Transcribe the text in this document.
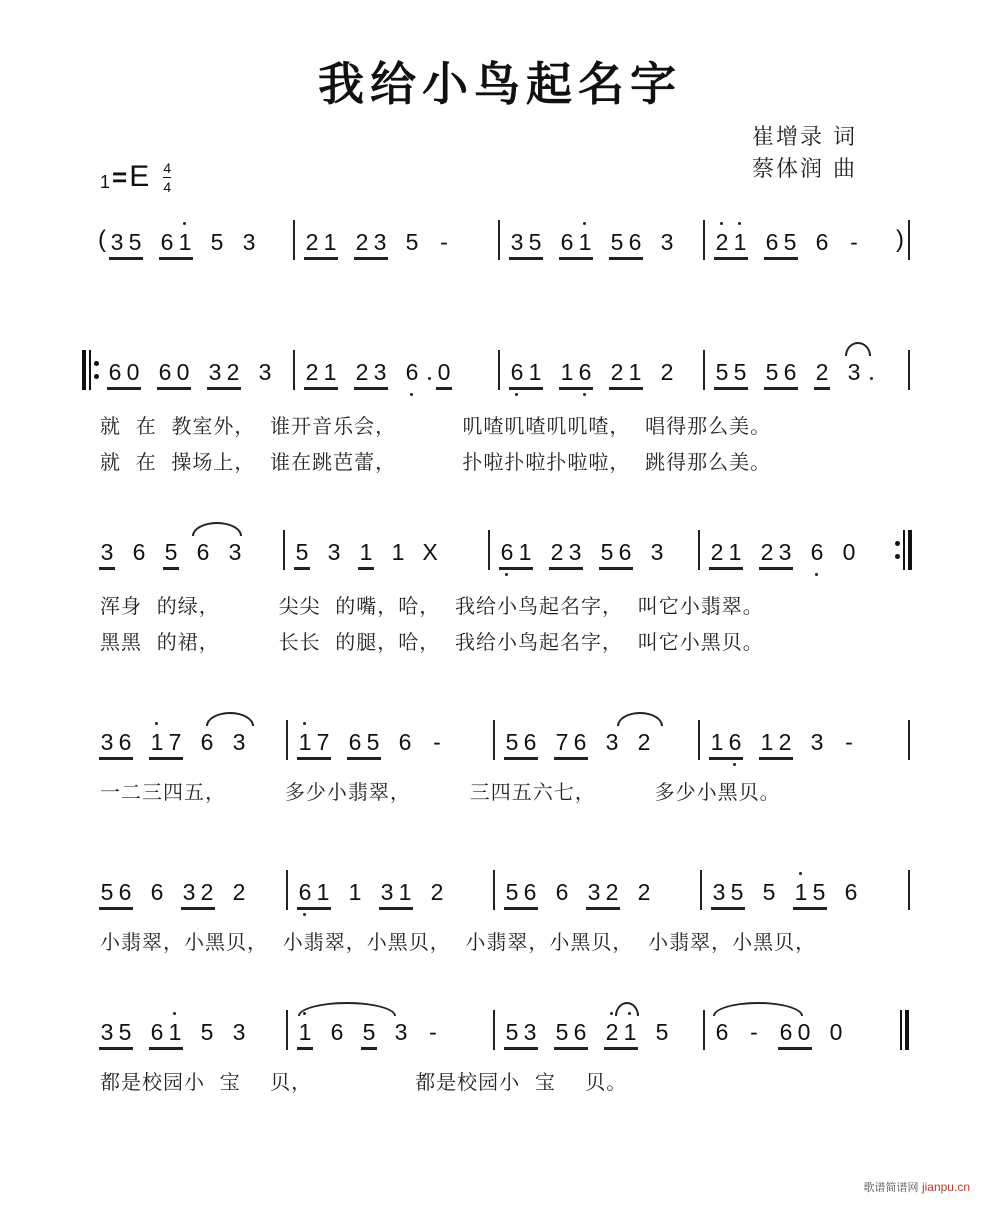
我给小鸟起名字
崔增录 词
蔡体润 曲
1 = E $\frac{4}{4}$
( 3 5 6 1 5 3 2 1 2 3 5 -	3 5 6 1 5 6 3 2 1 6 5 6 - )
6 0 6 0 3 2 3 2 1 2 3 6 0	6 1 1 6 2 1 2 5 5 5 6 2 3
就  在  教室外，  谁开音乐会，         叽喳叽喳叽叽喳，  唱得那么美。
就  在  操场上，  谁在跳芭蕾，         扑啦扑啦扑啦啦，  跳得那么美。
3 6 5 6 3 5 3 1 1 X	6 1 2 3 5 6 3 2 1 2 3 6 0
浑身  的绿，        尖尖  的嘴，哈，  我给小鸟起名字，  叫它小翡翠。
黑黑  的裙，        长长  的腿，哈，  我给小鸟起名字，  叫它小黑贝。
3 6 1 7 6 3 1 7 6 5 6 -	5 6 7 6 3 2	1 6 1 2 3 -
一二三四五，        多少小翡翠，        三四五六七，        多少小黑贝。
5 6 6 3 2 2 6 1 1 3 1 2	5 6 6 3 2 2	3 5 5 1 5 6
小翡翠，小黑贝，  小翡翠，小黑贝，  小翡翠，小黑贝，  小翡翠，小黑贝，
3 5 6 1 5 3 1 6 5 3 -	5 3 5 6 2 1 5 6 - 6 0 0
都是校园小  宝    贝，              都是校园小  宝    贝。
歌谱简谱网 jianpu.cn
